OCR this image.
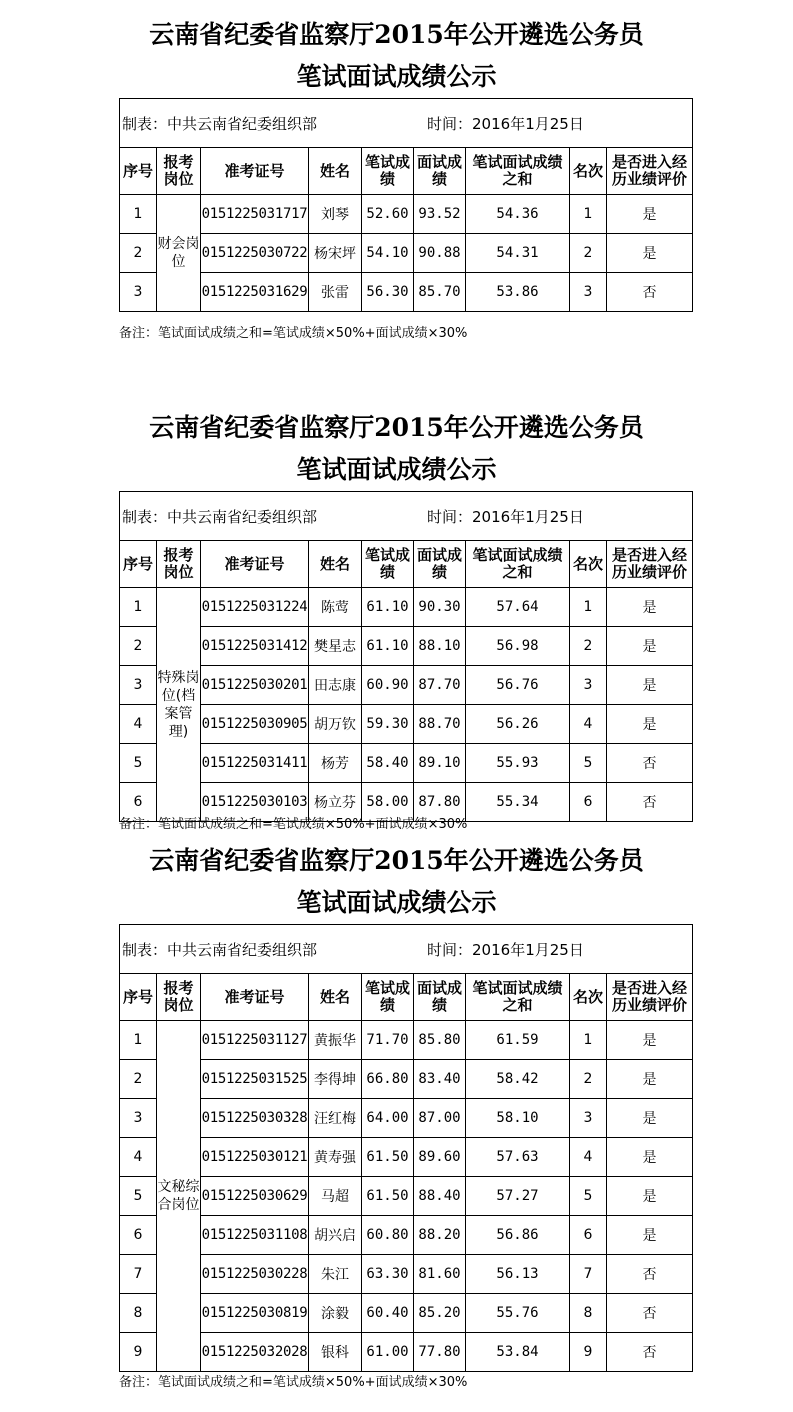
云南省纪委省监察厅2015年公开遴选公务员
笔试面试成绩公示
制表：中共云南省纪委组织部 时间：2016年1月25日								
序号	报考岗位	准考证号	姓名	笔试成绩	面试成绩	笔试面试成绩之和	名次	是否进入经历业绩评价
1	财会岗位	0151225031717	刘琴	52.60	93.52	54.36	1	是
2		0151225030722	杨宋坪	54.10	90.88	54.31	2	是
3		0151225031629	张雷	56.30	85.70	53.86	3	否
备注：笔试面试成绩之和=笔试成绩×50%+面试成绩×30%
云南省纪委省监察厅2015年公开遴选公务员
笔试面试成绩公示
制表：中共云南省纪委组织部 时间：2016年1月25日								
序号	报考岗位	准考证号	姓名	笔试成绩	面试成绩	笔试面试成绩之和	名次	是否进入经历业绩评价
1	特殊岗位(档案管理)	0151225031224	陈莺	61.10	90.30	57.64	1	是
2		0151225031412	樊星志	61.10	88.10	56.98	2	是
3		0151225030201	田志康	60.90	87.70	56.76	3	是
4		0151225030905	胡万钦	59.30	88.70	56.26	4	是
5		0151225031411	杨芳	58.40	89.10	55.93	5	否
6		0151225030103	杨立芬	58.00	87.80	55.34	6	否
备注：笔试面试成绩之和=笔试成绩×50%+面试成绩×30%
云南省纪委省监察厅2015年公开遴选公务员
笔试面试成绩公示
制表：中共云南省纪委组织部 时间：2016年1月25日								
序号	报考岗位	准考证号	姓名	笔试成绩	面试成绩	笔试面试成绩之和	名次	是否进入经历业绩评价
1	文秘综合岗位	0151225031127	黄振华	71.70	85.80	61.59	1	是
2		0151225031525	李得坤	66.80	83.40	58.42	2	是
3		0151225030328	汪红梅	64.00	87.00	58.10	3	是
4		0151225030121	黄寿强	61.50	89.60	57.63	4	是
5		0151225030629	马超	61.50	88.40	57.27	5	是
6		0151225031108	胡兴启	60.80	88.20	56.86	6	是
7		0151225030228	朱江	63.30	81.60	56.13	7	否
8		0151225030819	涂毅	60.40	85.20	55.76	8	否
9		0151225032028	银科	61.00	77.80	53.84	9	否
备注：笔试面试成绩之和=笔试成绩×50%+面试成绩×30%
